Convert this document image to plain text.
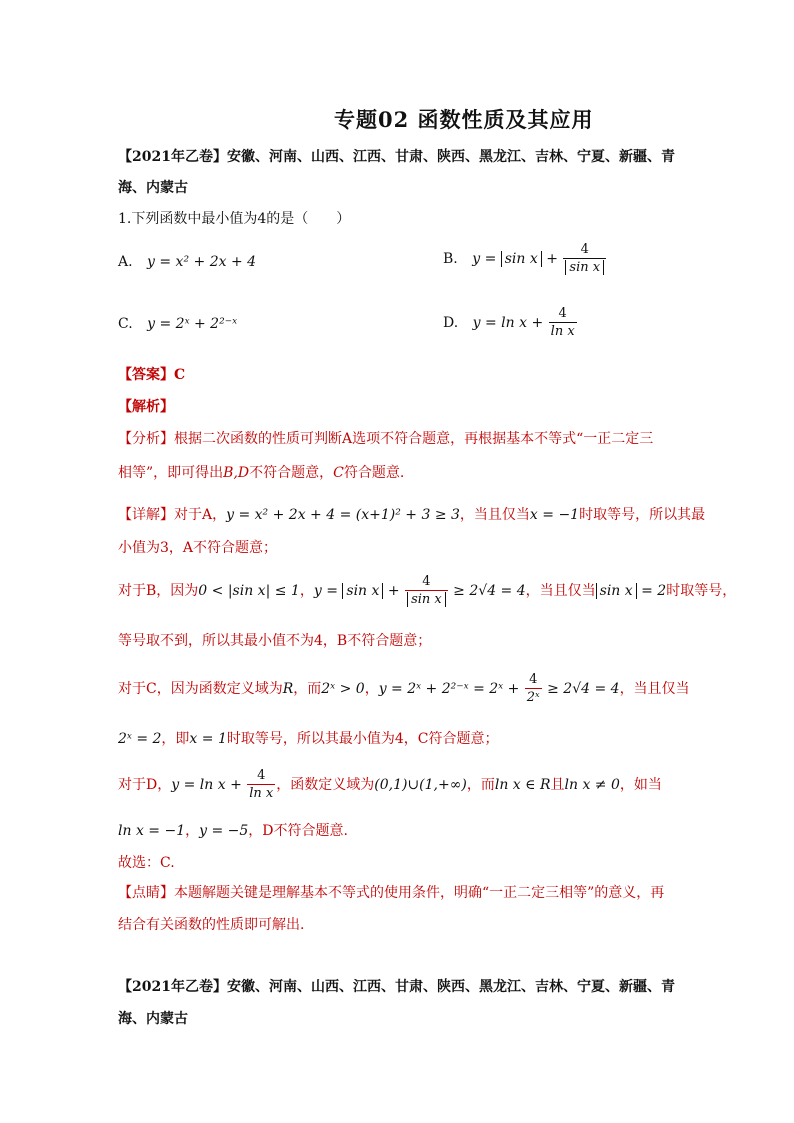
专题02 函数性质及其应用
【2021年乙卷】安徽、河南、山西、江西、甘肃、陕西、黑龙江、吉林、宁夏、新疆、青
海、内蒙古
1.下列函数中最小值为4的是（　　）
A. y = x² + 2x + 4	B. $y = \sin x + \frac{4}{\text{sin x}}$
C. y = 2ˣ + 2²⁻ˣ	D. $y = \ln x + \frac{4}{\text{ln x}}$
【答案】C
【解析】
【分析】根据二次函数的性质可判断A选项不符合题意，再根据基本不等式“一正二定三
相等”，即可得出B,D不符合题意，C符合题意.
【详解】对于A，y = x² + 2x + 4 = (x+1)² + 3 ≥ 3，当且仅当x = −1时取等号，所以其最
小值为3，A不符合题意；
对于B，因为0 < |sin x| ≤ 1，$y = \sin x + \frac{4}{\text{sin x}} \ge 2√4 = 4$，当且仅当 sin x = 2时取等号，
等号取不到，所以其最小值不为4，B不符合题意；
对于C，因为函数定义域为R，而2ˣ > 0，y = 2ˣ + 2²⁻ˣ = 2ˣ + $\frac{4}{\text{2ˣ}} \ge 2√4 = 4$，当且仅当
2ˣ = 2，即x = 1时取等号，所以其最小值为4，C符合题意；
对于D，$y = \ln x + \frac{4}{\text{ln x}}$ ，函数定义域为(0,1)∪(1,+∞)，而ln x ∈ R且ln x ≠ 0，如当
ln x = −1，y = −5，D不符合题意.
故选：C.
【点睛】本题解题关键是理解基本不等式的使用条件，明确“一正二定三相等”的意义，再
结合有关函数的性质即可解出.
【2021年乙卷】安徽、河南、山西、江西、甘肃、陕西、黑龙江、吉林、宁夏、新疆、青
海、内蒙古
